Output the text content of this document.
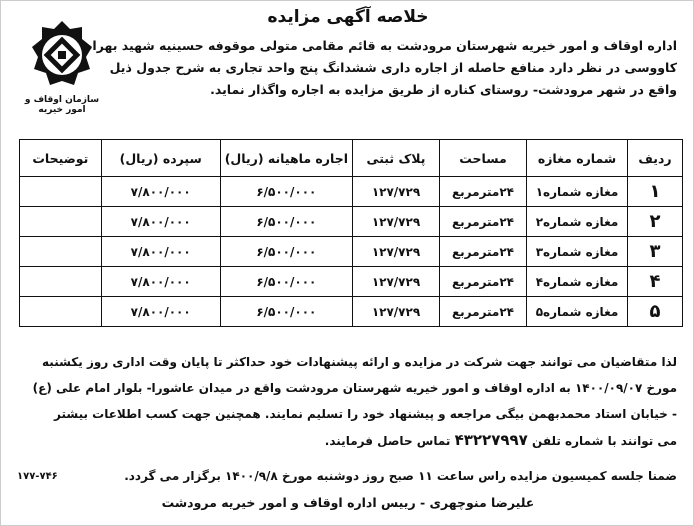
خلاصه آگهی مزایده
سازمان اوقاف و امور خیریه
اداره اوقاف و امور خیریه شهرستان مرودشت به قائم مقامی متولی موقوفه حسینیه شهید بهرام
کاووسی در نظر دارد منافع حاصله از اجاره داری ششدانگ پنج واحد تجاری به شرح جدول ذیل
واقع در شهر مرودشت- روستای کناره از طریق مزایده به اجاره واگذار نماید.
ردیف	شماره مغازه	مساحت	پلاک ثبتی	اجاره ماهیانه (ریال)	سپرده (ریال)	توضیحات
۱	مغازه شماره۱	۲۴مترمربع	۱۲۷/۷۲۹	۶/۵۰۰/۰۰۰	۷/۸۰۰/۰۰۰	
۲	مغازه شماره۲	۲۴مترمربع	۱۲۷/۷۲۹	۶/۵۰۰/۰۰۰	۷/۸۰۰/۰۰۰	
۳	مغازه شماره۳	۲۴مترمربع	۱۲۷/۷۲۹	۶/۵۰۰/۰۰۰	۷/۸۰۰/۰۰۰	
۴	مغازه شماره۴	۲۴مترمربع	۱۲۷/۷۲۹	۶/۵۰۰/۰۰۰	۷/۸۰۰/۰۰۰	
۵	مغازه شماره۵	۲۴مترمربع	۱۲۷/۷۲۹	۶/۵۰۰/۰۰۰	۷/۸۰۰/۰۰۰	
لذا متقاضیان می توانند جهت شرکت در مزایده و ارائه پیشنهادات خود حداکثر تا پایان وقت اداری روز یکشنبه
مورخ ۱۴۰۰/۰۹/۰۷ به اداره اوقاف و امور خیریه شهرستان مرودشت واقع در میدان عاشورا- بلوار امام علی (ع)
- خیابان استاد محمدبهمن بیگی مراجعه و پیشنهاد خود را تسلیم نمایند. همچنین جهت کسب اطلاعات بیشتر
می توانند با شماره تلفن ۴۳۲۲۷۹۹۷ تماس حاصل فرمایند.
ضمنا جلسه کمیسیون مزایده راس ساعت ۱۱ صبح روز دوشنبه مورخ ۱۴۰۰/۹/۸ برگزار می گردد.
۱۷۷-۷۴۶
علیرضا منوچهری - رییس اداره اوقاف و امور خیریه مرودشت
